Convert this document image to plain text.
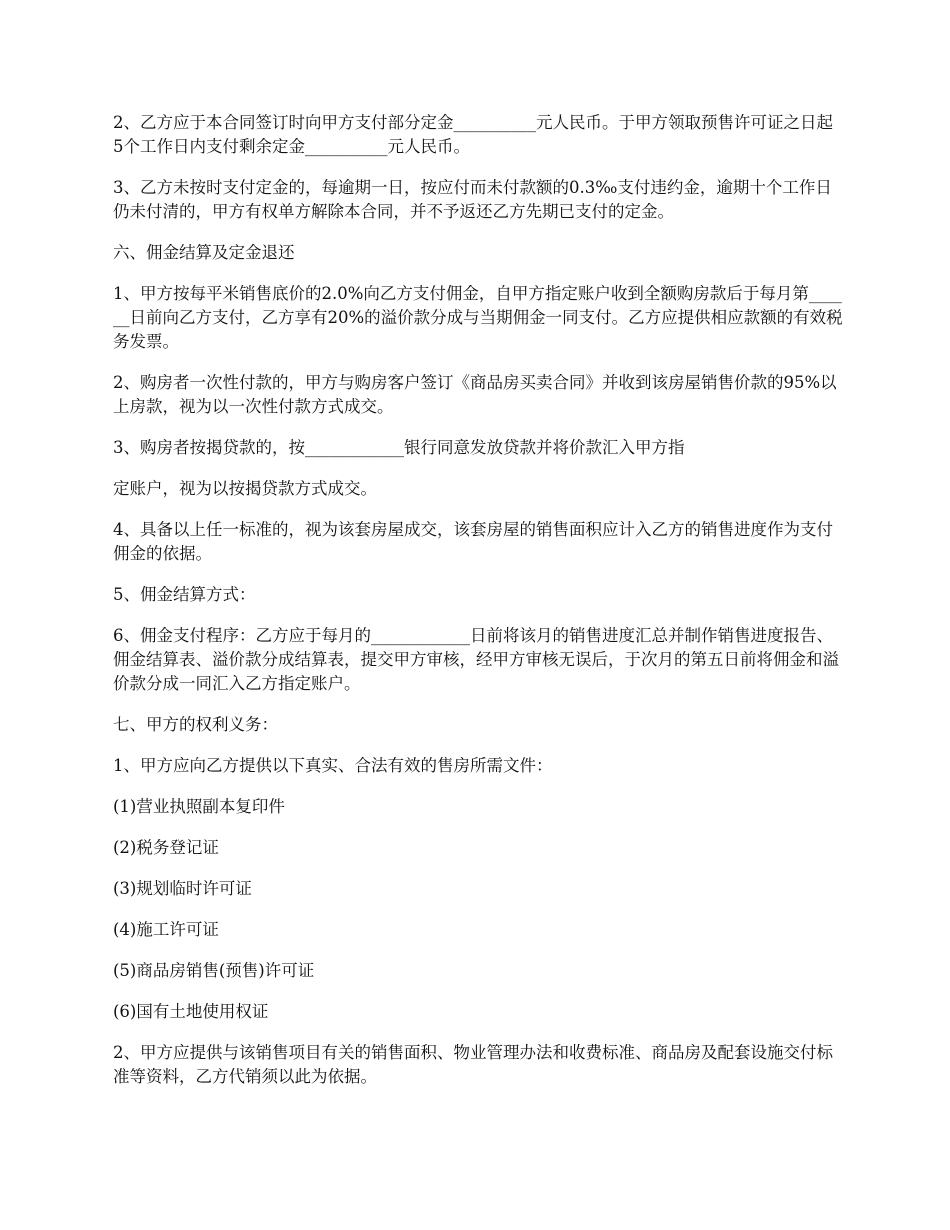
2、乙方应于本合同签订时向甲方支付部分定金__________元人民币。于甲方领取预售许可证之日起5个工作日内支付剩余定金__________元人民币。

3、乙方未按时支付定金的，每逾期一日，按应付而未付款额的0.3‰支付违约金，逾期十个工作日仍未付清的，甲方有权单方解除本合同，并不予返还乙方先期已支付的定金。

六、佣金结算及定金退还

1、甲方按每平米销售底价的2.0%向乙方支付佣金，自甲方指定账户收到全额购房款后于每月第______日前向乙方支付，乙方享有20%的溢价款分成与当期佣金一同支付。乙方应提供相应款额的有效税务发票。

2、购房者一次性付款的，甲方与购房客户签订《商品房买卖合同》并收到该房屋销售价款的95%以上房款，视为以一次性付款方式成交。

3、购房者按揭贷款的，按____________银行同意发放贷款并将价款汇入甲方指

定账户，视为以按揭贷款方式成交。

4、具备以上任一标准的，视为该套房屋成交，该套房屋的销售面积应计入乙方的销售进度作为支付佣金的依据。

5、佣金结算方式：

6、佣金支付程序：乙方应于每月的____________日前将该月的销售进度汇总并制作销售进度报告、佣金结算表、溢价款分成结算表，提交甲方审核，经甲方审核无误后，于次月的第五日前将佣金和溢价款分成一同汇入乙方指定账户。

七、甲方的权利义务：

1、甲方应向乙方提供以下真实、合法有效的售房所需文件：

(1)营业执照副本复印件

(2)税务登记证

(3)规划临时许可证

(4)施工许可证

(5)商品房销售(预售)许可证

(6)国有土地使用权证

2、甲方应提供与该销售项目有关的销售面积、物业管理办法和收费标准、商品房及配套设施交付标准等资料，乙方代销须以此为依据。
